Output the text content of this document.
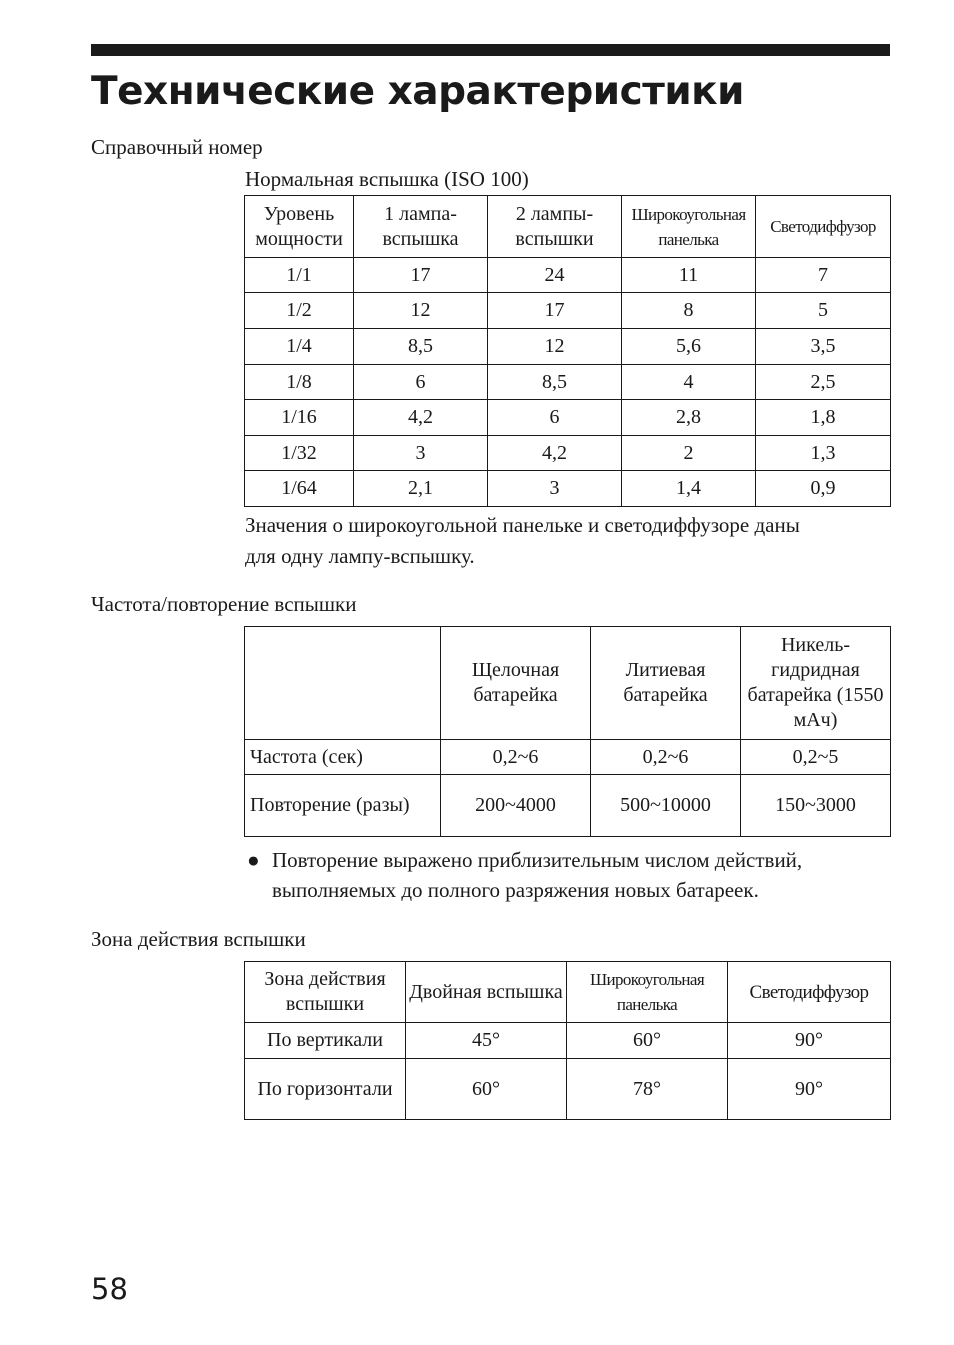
Технические характеристики
Справочный номер
Нормальная вспышка (ISO 100)
Уровень мощности	1 лампа-вспышка	2 лампы-вспышки	Широкоугольная панелька	Светодиффузор
1/1	17	24	11	7
1/2	12	17	8	5
1/4	8,5	12	5,6	3,5
1/8	6	8,5	4	2,5
1/16	4,2	6	2,8	1,8
1/32	3	4,2	2	1,3
1/64	2,1	3	1,4	0,9

Значения о широкоугольной панельке и светодиффузоре даны

для одну лампу-вспышку.

Частота/повторение вспышки
	Щелочная батарейка	Литиевая батарейка	Никель-гидридная батарейка (1550 мАч)
Частота (сек)	0,2~6	0,2~6	0,2~5
Повторение (разы)	200~4000	500~10000	150~3000
● Повторение выражено приблизительным числом действий, выполняемых до полного разряжения новых батареек.
Зона действия вспышки
Зона действия вспышки	Двойная вспышка	Широкоугольная панелька	Светодиффузор
По вертикали	45°	60°	90°
По горизонтали	60°	78°	90°
58
